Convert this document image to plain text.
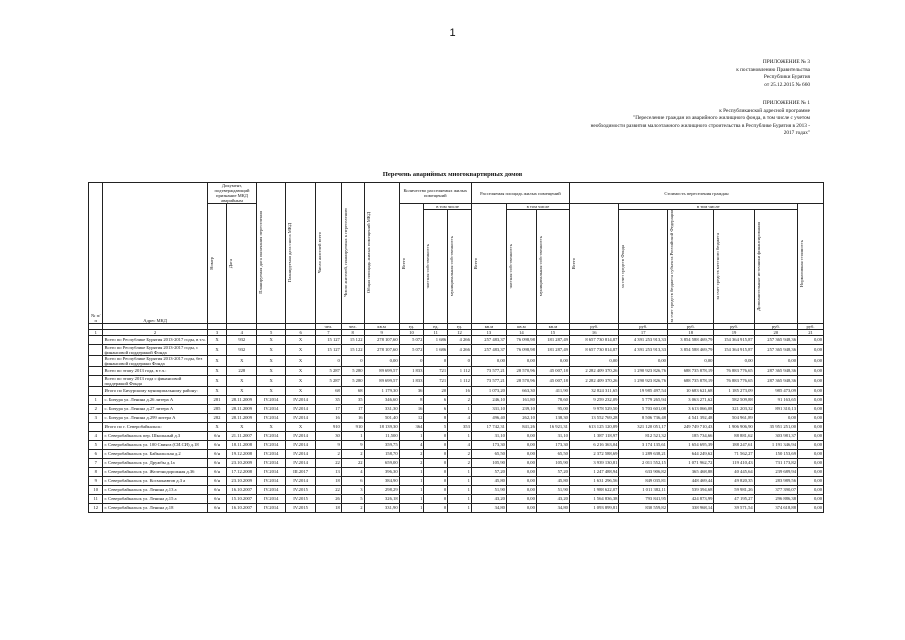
1
ПРИЛОЖЕНИЕ № 3
к постановлению Правительства
Республики Бурятия
от 25.12.2015 № 660
ПРИЛОЖЕНИЕ № 1
к Республиканской адресной программе
"Переселение граждан из аварийного жилищного фонда, в том числе с учетом
необходимости развития малоэтажного жилищного строительства в Республике Бурятия в 2013 -
2017 годах"
Перечень аварийных многоквартирных домов
№ п/п	Адрес МКД	Документ, подтверждающий признание МКД аварийным		Планируемая дата окончания переселения	Планируемая дата сноса МКД	Число жителей всего	Число жителей, планируемых к переселению	Общая площадь жилых помещений МКД	Количество расселяемых жилых помещений			Расселяемая площадь жилых помещений			Стоимость переселения граждан					

		Номер	Дата						Всего	в том числе		Всего	в том числе		Всего	в том числе				Нормативная стоимость

										частная собственность	муниципальная собственность		частная собственность	муниципальная собственность		за счет средств Фонда	за счет средств бюджета субъекта Российской Федерации	за счет средств местного бюджета	Дополнительные источники финансирования	

						чел.	чел.	кв.м	ед.	ед.	ед.	кв.м	кв.м	кв.м	руб.	руб.	руб.	руб.	руб.	руб.
1	2	3	4	5	6	7	8	9	10	11	12	13	14	15	16	17	18	19	20	21
	Всего по Республике Бурятия 2013-2017 годы, в т.ч.	Х	932	Х	Х	15 127	15 122	278 107,60	5 072	1 686	4 266	257 483,37	76 098,98	181 287,49	8 657 730 814,87	4 391 253 913,33	3 854 588 469,79	154 364 915,87	257 365 948,36	0,00
	Всего по Республике Бурятия 2013-2017 годы, с финансовой поддержкой Фонда	Х	932	Х	Х	15 127	15 122	278 107,60	5 072	1 686	4 266	257 483,37	76 098,98	181 287,49	8 657 730 814,87	4 391 253 913,33	3 854 588 469,79	154 364 915,87	257 365 948,36	0,00
	Всего по Республике Бурятия 2013-2017 годы, без финансовой поддержки Фонда	Х	Х	Х	Х	0	0	0,00	0	0	0	0,00	0,00	0,00	0,00	0,00	0,00	0,00	0,00	0,00
	Всего по этапу 2013 года, в т.ч.:	Х	228	Х	Х	5 287	5 280	89 699,57	1 833	721	1 112	73 577,21	28 570,96	45 007,18	2 282 409 370,26	1 290 923 826,76	688 735 878,19	76 883 776,65	287 365 948,36	0,00
	Всего по этапу 2013 года с финансовой поддержкой Фонда	Х	Х	Х	Х	5 287	5 280	89 699,57	1 833	721	1 112	73 577,21	28 570,96	45 007,18	2 282 409 370,26	1 290 923 826,76	688 735 878,19	76 883 776,65	287 365 948,36	0,00
	Итого по Бичурскому муниципальному району:	Х	Х	Х	Х	68	68	1 179,30	36	20	16	1 073,20	663,30	411,90	32 824 311,65	19 985 497,54	10 683 621,68	1 185 273,09	985 473,09	0,00
1	с. Бичура ул. Ленина д.26 литера А	281	28.11.2009	IV.2014	IV.2014	35	35	346,60	8	6	2	246,10	161,80	78,60	9 259 232,09	5 779 265,94	3 063 271,62	582 509,88	91 163,65	0,00
2	с. Бичура ул. Ленина д.27 литера А	285	28.11.2009	IV.2014	IV.2014	17	17	331,30	16	6	1	331,10	239,10	95,00	9 978 529,50	5 703 601,08	3 613 066,08	321 203,32	891 310,13	0,00
3	с. Бичура ул. Ленина д.299 литера А	282	28.11.2009	IV.2014	IV.2014	16	16	501,40	12	8	4	496,40	262,10	138,30	13 552 769,28	8 506 736,48	4 541 392,48	504 961,89	0,00	0,00
	Итого по г. Северобайкальск:	Х	Х	Х	Х	910	910	18 139,30	364	5	353	17 742,31	841,26	16 921,31	613 125 120,09	321 120 051,17	249 749 710,43	1 906 906,90	35 951 251,00	0,00
4	г. Северобайкальск пер. Школьный д.3	б/н	21.11.2007	IV.2014	IV.2014	30	1	11,500	1	0	1	31,10	0,00	31,10	1 387 118,97	812 521,32	185 734,66	88 881,62	303 981,37	0,00
5	г. Северобайкальск ул. 100 Свияга (СИ.СИ) д.18	б/н	18.11.2008	IV.2014	IV.2014	9	9	359,75	4	0	4	173,30	0,00	173,30	6 216 363,04	3 174 135,61	1 654 695,39	188 247,61	1 191 346,94	0,00
6	г. Северобайкальск ул. Байкальская д.2	б/н	19.12.2008	IV.2014	IV.2014	2	2	158,70	2	0	2	65,50	0,00	65,50	2 372 588,69	1 289 638,21	644 249,62	71 562,27	150 153,69	0,00
7	г. Северобайкальск ул. Дружбы д.1а	б/н	23.10.2009	IV.2014	IV.2014	22	22	659,00	2	0	2	105,90	0,00	105,90	3 939 130,81	2 011 552,15	1 071 962,72	119 410,43	731 173,82	0,00
8	г. Северобайкальск ул. Железнодорожная д.36	б/н	17.12.2008	IV.2014	III.2017	13	4	396,30	1	0	1	57,20	0,00	57,20	1 247 488,94	633 906,82	365 468,88	40 445,64	239 689,94	0,00
9	г. Северобайкальск ул. Космонавтов д.3 а	б/н	23.10.2009	IV.2014	IV.2014	18	6	384,90	1	0	1	45,80	0,00	45,80	1 631 296,56	849 035,81	448 469,44	49 820,35	283 989,56	0,00
10	г. Северобайкальск ул. Ленина д.13 а	б/н	16.10.2007	IV.2014	IV.2015	22	3	298,29	1	0	1	51,90	0,00	51,90	1 988 622,07	1 011 382,11	539 394,68	59 981,26	377 390,07	0,00
11	г. Северобайкальск ул. Ленина д.15 а	б/н	15.10.2007	IV.2014	IV.2015	26	5	326,18	1	0	1	43,20	0,00	43,20	1 564 836,38	793 841,95	424 873,99	47 195,27	296 886,38	0,00
12	г. Северобайкальск ул. Ленина д.18	б/н	16.10.2007	IV.2014	IV.2015	18	2	331,90	1	0	1	34,80	0,00	34,80	1 093 899,81	830 559,82	338 968,14	39 571,54	374 618,88	0,00
